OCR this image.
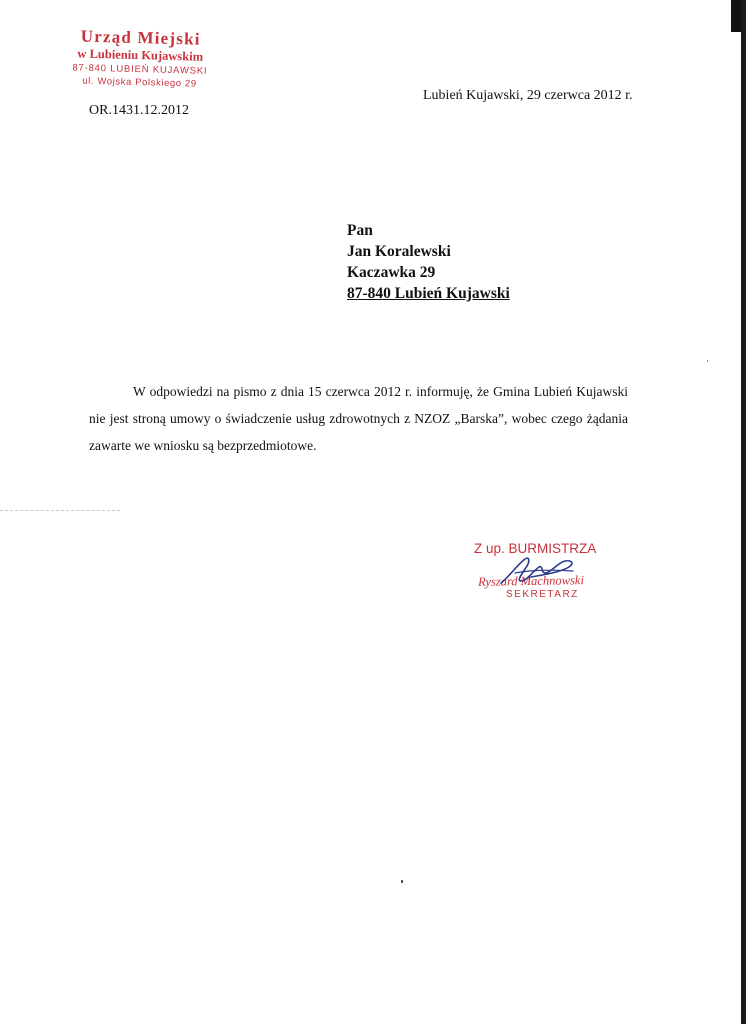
Urząd Miejski
w Lubieniu Kujawskim
87-840 LUBIEŃ KUJAWSKI
ul. Wojska Polskiego 29
OR.1431.12.2012
Lubień Kujawski, 29 czerwca 2012 r.
Pan
Jan Koralewski
Kaczawka 29
87-840 Lubień Kujawski

W odpowiedzi na pismo z dnia 15 czerwca 2012 r. informuję, że Gmina Lubień Kujawski nie jest stroną umowy o świadczenie usług zdrowotnych z NZOZ „Barska”, wobec czego żądania zawarte we wniosku są bezprzedmiotowe.

Z up. BURMISTRZA
Ryszard Machnowski
SEKRETARZ
